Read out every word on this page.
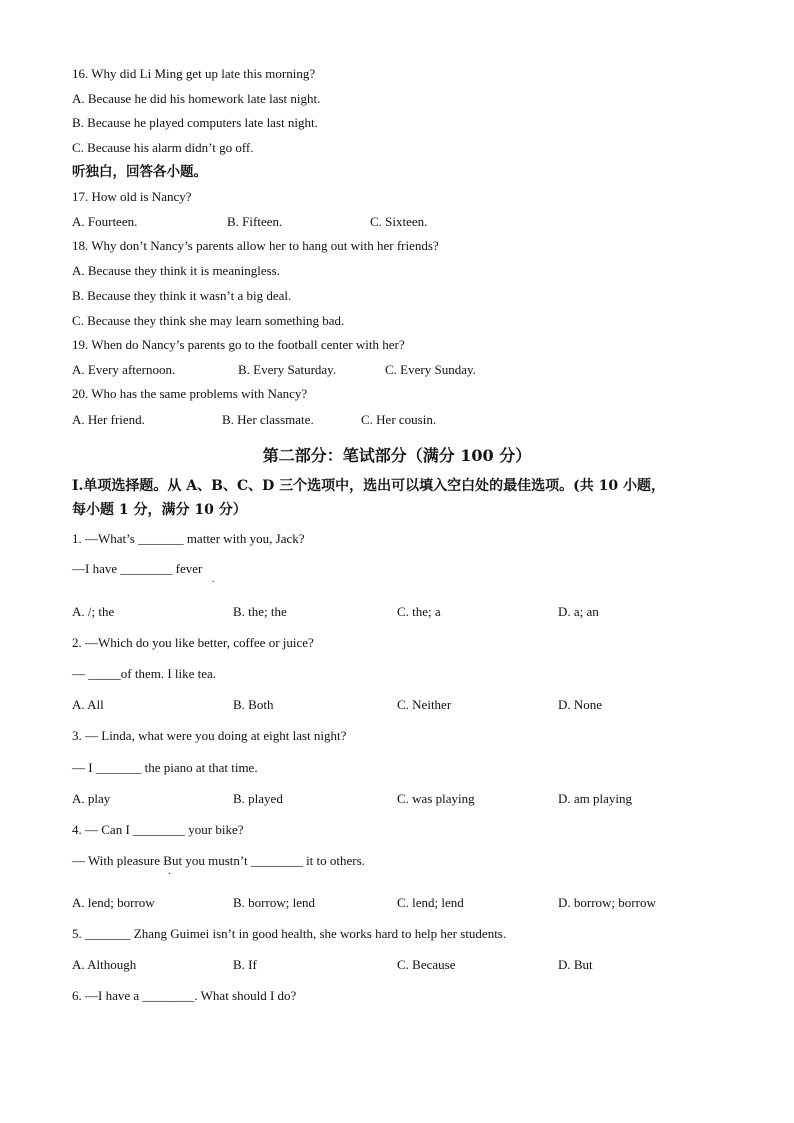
16. Why did Li Ming get up late this morning?
A. Because he did his homework late last night.
B. Because he played computers late last night.
C. Because his alarm didn’t go off.
听独白，回答各小题。
17. How old is Nancy?
A. Fourteen.	B. Fifteen.	C. Sixteen.
18. Why don’t Nancy’s parents allow her to hang out with her friends?
A. Because they think it is meaningless.
B. Because they think it wasn’t a big deal.
C. Because they think she may learn something bad.
19. When do Nancy’s parents go to the football center with her?
A. Every afternoon.	B. Every Saturday.	C. Every Sunday.
20. Who has the same problems with Nancy?
A. Her friend.	B. Her classmate.	C. Her cousin.
第二部分：笔试部分（满分 100 分）
I.单项选择题。从 A、B、C、D 三个选项中，选出可以填入空白处的最佳选项。(共 10 小题，
每小题 1 分，满分 10 分）
1. —What’s _______ matter with you, Jack?
—I have ________ fever
.
A. /; the	B. the; the	C. the; a	D. a; an
2. —Which do you like better, coffee or juice?
— _____of them. I like tea.
A. All	B. Both	C. Neither	D. None
3. — Linda, what were you doing at eight last night?
— I _______ the piano at that time.
A. play	B. played	C. was playing	D. am playing
4. — Can I ________ your bike?
— With pleasure But you mustn’t ________ it to others.
.
A. lend; borrow	B. borrow; lend	C. lend; lend	D. borrow; borrow
5. _______ Zhang Guimei isn’t in good health, she works hard to help her students.
A. Although	B. If	C. Because	D. But
6. —I have a ________. What should I do?
